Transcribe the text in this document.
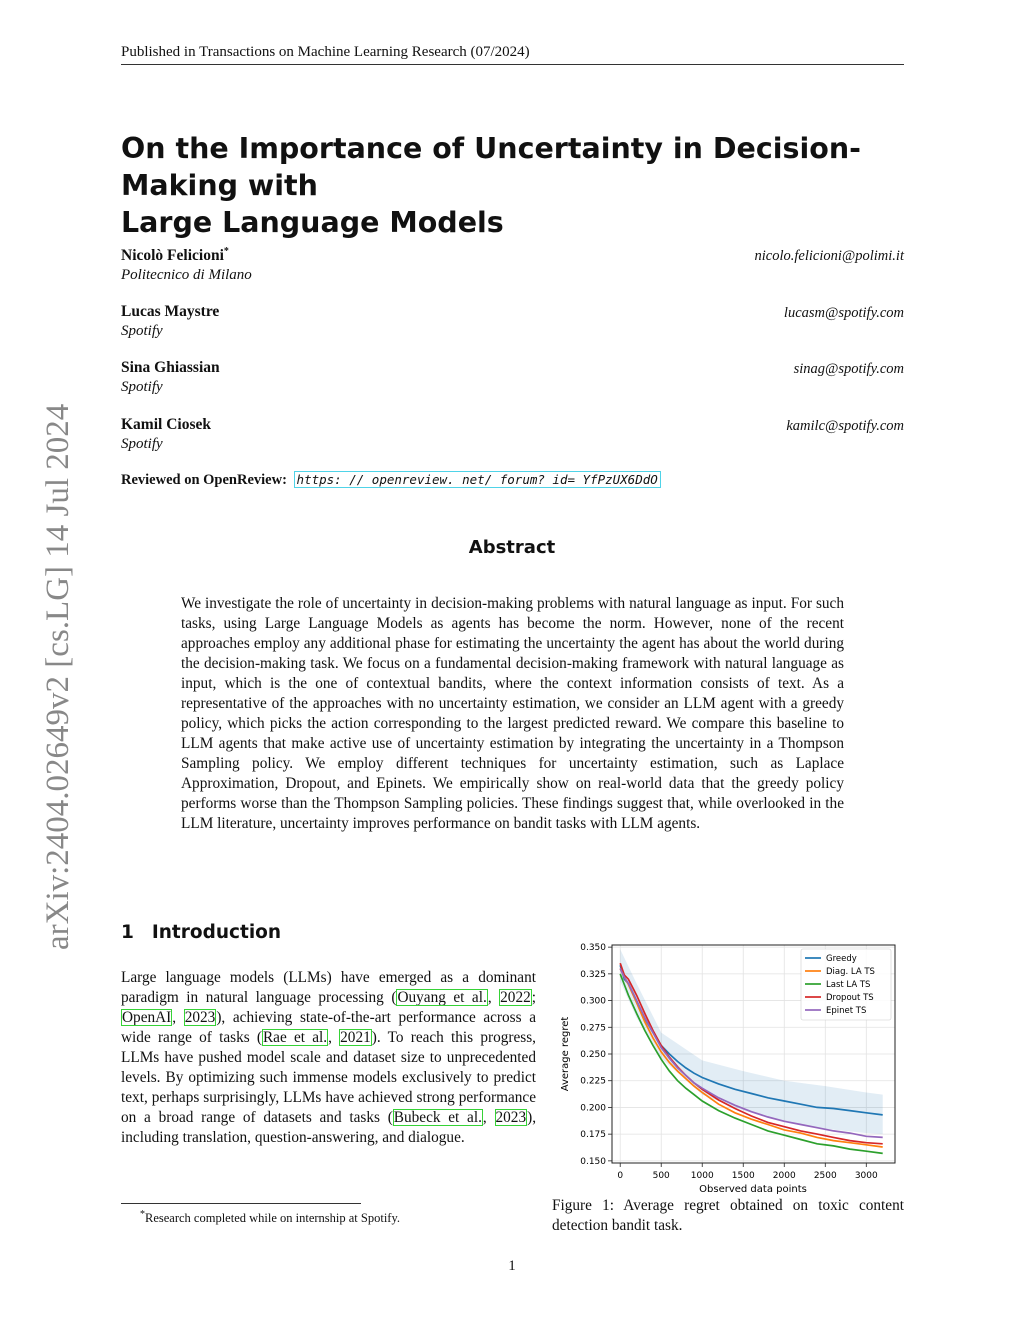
Published in Transactions on Machine Learning Research (07/2024)
arXiv:2404.02649v2 [cs.LG] 14 Jul 2024
On the Importance of Uncertainty in Decision-Making with
Large Language Models
Nicolò Felicioni*
Politecnico di Milano
nicolo.felicioni@polimi.it
Lucas Maystre
Spotify
lucasm@spotify.com
Sina Ghiassian
Spotify
sinag@spotify.com
Kamil Ciosek
Spotify
kamilc@spotify.com
Reviewed on OpenReview: https: // openreview. net/ forum? id= YfPzUX6DdO
Abstract
We investigate the role of uncertainty in decision-making problems with natural language as input. For such tasks, using Large Language Models as agents has become the norm. However, none of the recent approaches employ any additional phase for estimating the uncertainty the agent has about the world during the decision-making task. We focus on a fundamental decision-making framework with natural language as input, which is the one of contextual bandits, where the context information consists of text. As a representative of the approaches with no uncertainty estimation, we consider an LLM agent with a greedy policy, which picks the action corresponding to the largest predicted reward. We compare this baseline to LLM agents that make active use of uncertainty estimation by integrating the uncertainty in a Thompson Sampling policy. We employ different techniques for uncertainty estimation, such as Laplace Approximation, Dropout, and Epinets. We empirically show on real-world data that the greedy policy performs worse than the Thompson Sampling policies. These findings suggest that, while overlooked in the LLM literature, uncertainty improves performance on bandit tasks with LLM agents.
1 Introduction
Large language models (LLMs) have emerged as a dominant paradigm in natural language processing (Ouyang et al., 2022; OpenAI, 2023), achieving state-of-the-art performance across a wide range of tasks (Rae et al., 2021). To reach this progress, LLMs have pushed model scale and dataset size to unprecedented levels. By optimizing such immense models exclusively to predict text, perhaps surprisingly, LLMs have achieved strong performance on a broad range of datasets and tasks (Bubeck et al., 2023), including translation, question-answering, and dialogue.
*Research completed while on internship at Spotify.
0	500 1000 1500 2000 2500 3000
0.150
0.175
0.200
0.225
0.250
0.275
0.300
0.325
0.350
Observed data points
Average regret
Greedy
Diag. LA TS
Last LA TS
Dropout TS
Epinet TS
Figure 1: Average regret obtained on toxic content detection bandit task.
1
